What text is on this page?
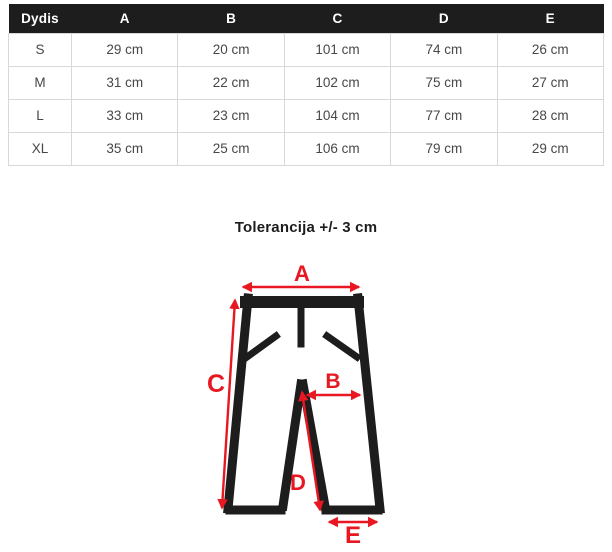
Dydis	A	B	C	D	E
S	29 cm	20 cm	101 cm	74 cm	26 cm
M	31 cm	22 cm	102 cm	75 cm	27 cm
L	33 cm	23 cm	104 cm	77 cm	28 cm
XL	35 cm	25 cm	106 cm	79 cm	29 cm
Tolerancija +/- 3 cm
A
B
C
D
E
